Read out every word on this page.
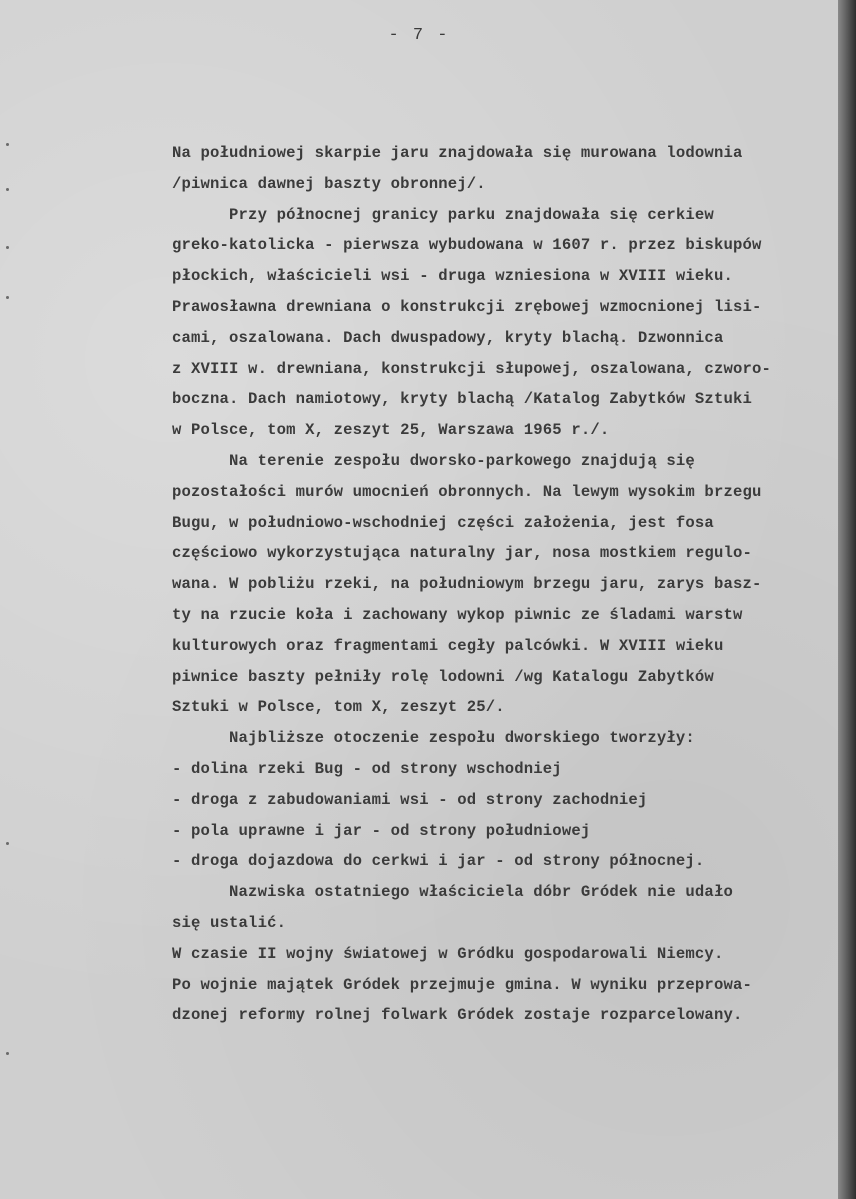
- 7 -
Na południowej skarpie jaru znajdowała się murowana lodownia
/piwnica dawnej baszty obronnej/.
Przy północnej granicy parku znajdowała się cerkiew
greko-katolicka - pierwsza wybudowana w 1607 r. przez biskupów
płockich, właścicieli wsi - druga wzniesiona w XVIII wieku.
Prawosławna drewniana o konstrukcji zrębowej wzmocnionej lisi-
cami, oszalowana. Dach dwuspadowy, kryty blachą. Dzwonnica
z XVIII w. drewniana, konstrukcji słupowej, oszalowana, czworo-
boczna. Dach namiotowy, kryty blachą /Katalog Zabytków Sztuki
w Polsce, tom X, zeszyt 25, Warszawa 1965 r./.
Na terenie zespołu dworsko-parkowego znajdują się
pozostałości murów umocnień obronnych. Na lewym wysokim brzegu
Bugu, w południowo-wschodniej części założenia, jest fosa
częściowo wykorzystująca naturalny jar, nosa mostkiem regulo-
wana. W pobliżu rzeki, na południowym brzegu jaru, zarys basz-
ty na rzucie koła i zachowany wykop piwnic ze śladami warstw
kulturowych oraz fragmentami cegły palcówki. W XVIII wieku
piwnice baszty pełniły rolę lodowni /wg Katalogu Zabytków
Sztuki w Polsce, tom X, zeszyt 25/.
Najbliższe otoczenie zespołu dworskiego tworzyły:
- dolina rzeki Bug - od strony wschodniej
- droga z zabudowaniami wsi - od strony zachodniej
- pola uprawne i jar - od strony południowej
- droga dojazdowa do cerkwi i jar - od strony północnej.
Nazwiska ostatniego właściciela dóbr Gródek nie udało
się ustalić.
W czasie II wojny światowej w Gródku gospodarowali Niemcy.
Po wojnie majątek Gródek przejmuje gmina. W wyniku przeprowa-
dzonej reformy rolnej folwark Gródek zostaje rozparcelowany.
